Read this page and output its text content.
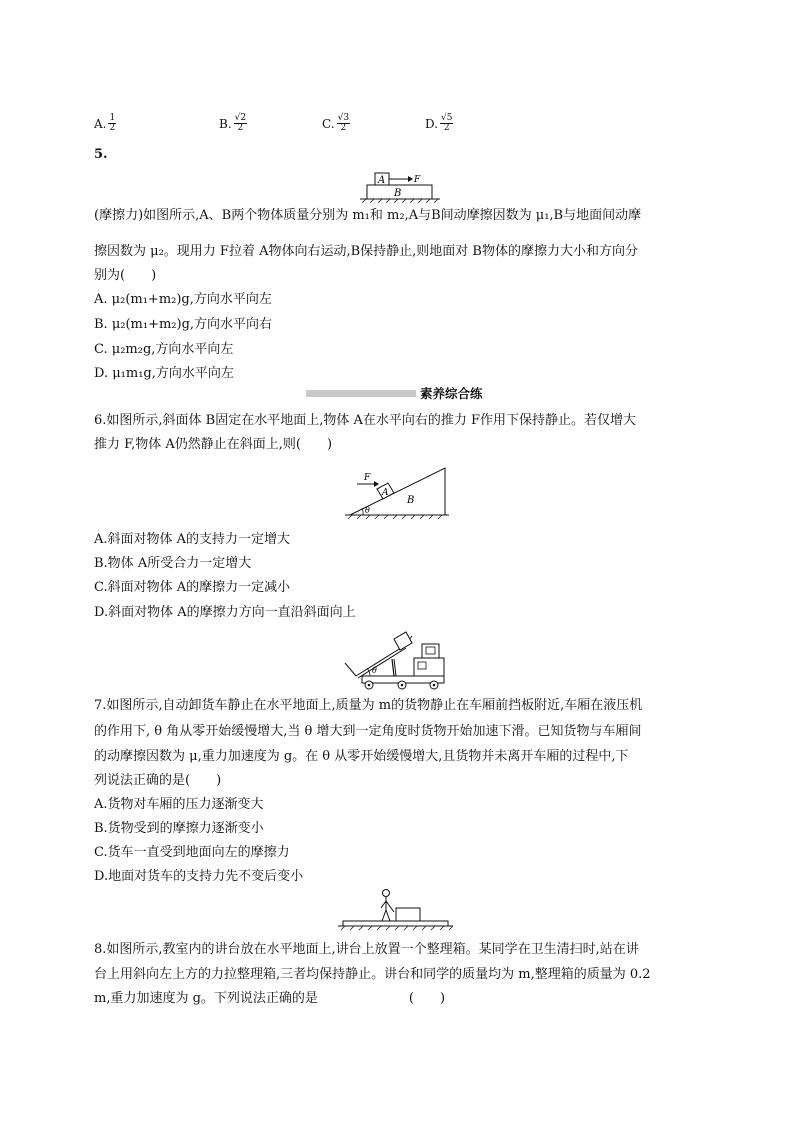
A. $\frac{1}{2}$	B. $\frac{√2}{2}$	C. $\frac{√3}{2}$	D. $\frac{√5}{2}$
5.
A	F
B
(摩擦力)如图所示,A、B两个物体质量分别为 m₁和 m₂,A与B间动摩擦因数为 μ₁,B与地面间动摩
擦因数为 μ₂。现用力 F拉着 A物体向右运动,B保持静止,则地面对 B物体的摩擦力大小和方向分
别为(　　)
A. μ₂(m₁+m₂)g,方向水平向左
B. μ₂(m₁+m₂)g,方向水平向右
C. μ₂m₂g,方向水平向左
D. μ₁m₁g,方向水平向左
素养综合练
6.如图所示,斜面体 B固定在水平地面上,物体 A在水平向右的推力 F作用下保持静止。若仅增大
推力 F,物体 A仍然静止在斜面上,则(　　)
A
F
B
θ
A.斜面对物体 A的支持力一定增大
B.物体 A所受合力一定增大
C.斜面对物体 A的摩擦力一定减小
D.斜面对物体 A的摩擦力方向一直沿斜面向上
θ
7.如图所示,自动卸货车静止在水平地面上,质量为 m的货物静止在车厢前挡板附近,车厢在液压机
的作用下, θ 角从零开始缓慢增大,当 θ 增大到一定角度时货物开始加速下滑。已知货物与车厢间
的动摩擦因数为 μ,重力加速度为 g。在 θ 从零开始缓慢增大,且货物并未离开车厢的过程中,下
列说法正确的是(　　)
A.货物对车厢的压力逐渐变大
B.货物受到的摩擦力逐渐变小
C.货车一直受到地面向左的摩擦力
D.地面对货车的支持力先不变后变小
8.如图所示,教室内的讲台放在水平地面上,讲台上放置一个整理箱。某同学在卫生清扫时,站在讲
台上用斜向左上方的力拉整理箱,三者均保持静止。讲台和同学的质量均为 m,整理箱的质量为 0.2
m,重力加速度为 g。下列说法正确的是　　　　　　　(　　)
